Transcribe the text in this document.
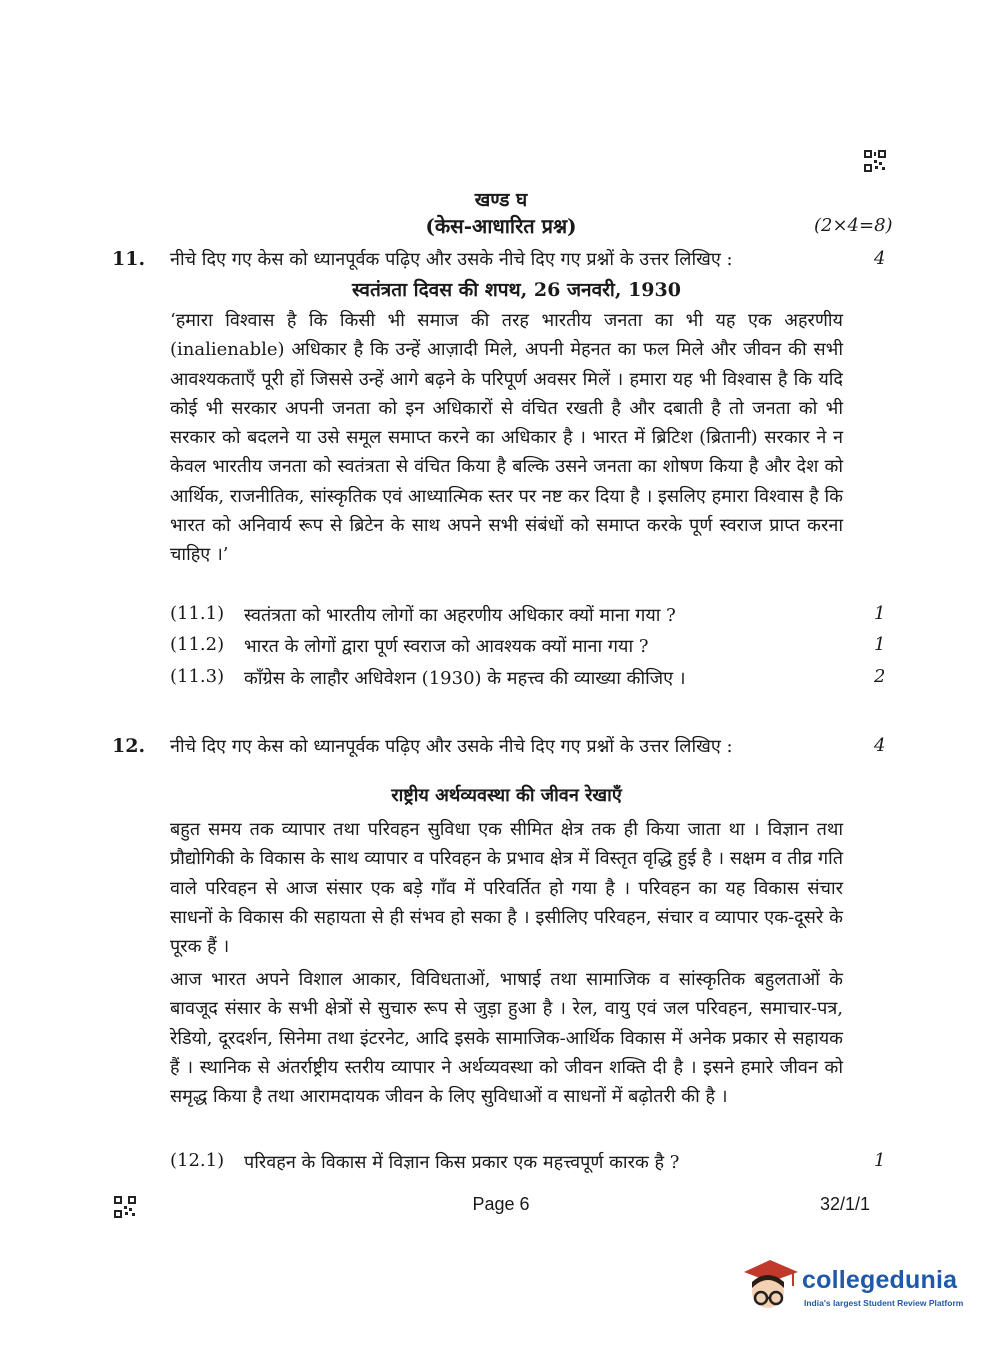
खण्ड घ
(केस-आधारित प्रश्न)	(2×4=8)
11. नीचे दिए गए केस को ध्यानपूर्वक पढ़िए और उसके नीचे दिए गए प्रश्नों के उत्तर लिखिए :	4
स्वतंत्रता दिवस की शपथ, 26 जनवरी, 1930
‘हमारा विश्वास है कि किसी भी समाज की तरह भारतीय जनता का भी यह एक अहरणीय (inalienable) अधिकार है कि उन्हें आज़ादी मिले, अपनी मेहनत का फल मिले और जीवन की सभी आवश्यकताएँ पूरी हों जिससे उन्हें आगे बढ़ने के परिपूर्ण अवसर मिलें । हमारा यह भी विश्वास है कि यदि कोई भी सरकार अपनी जनता को इन अधिकारों से वंचित रखती है और दबाती है तो जनता को भी सरकार को बदलने या उसे समूल समाप्त करने का अधिकार है । भारत में ब्रिटिश (ब्रितानी) सरकार ने न केवल भारतीय जनता को स्वतंत्रता से वंचित किया है बल्कि उसने जनता का शोषण किया है और देश को आर्थिक, राजनीतिक, सांस्कृतिक एवं आध्यात्मिक स्तर पर नष्ट कर दिया है । इसलिए हमारा विश्वास है कि भारत को अनिवार्य रूप से ब्रिटेन के साथ अपने सभी संबंधों को समाप्त करके पूर्ण स्वराज प्राप्त करना चाहिए ।’
(11.1) स्वतंत्रता को भारतीय लोगों का अहरणीय अधिकार क्यों माना गया ?	1
(11.2) भारत के लोगों द्वारा पूर्ण स्वराज को आवश्यक क्यों माना गया ?	1
(11.3) काँग्रेस के लाहौर अधिवेशन (1930) के महत्त्व की व्याख्या कीजिए ।	2
12. नीचे दिए गए केस को ध्यानपूर्वक पढ़िए और उसके नीचे दिए गए प्रश्नों के उत्तर लिखिए :	4
राष्ट्रीय अर्थव्यवस्था की जीवन रेखाएँ
बहुत समय तक व्यापार तथा परिवहन सुविधा एक सीमित क्षेत्र तक ही किया जाता था । विज्ञान तथा प्रौद्योगिकी के विकास के साथ व्यापार व परिवहन के प्रभाव क्षेत्र में विस्तृत वृद्धि हुई है । सक्षम व तीव्र गति वाले परिवहन से आज संसार एक बड़े गाँव में परिवर्तित हो गया है । परिवहन का यह विकास संचार साधनों के विकास की सहायता से ही संभव हो सका है । इसीलिए परिवहन, संचार व व्यापार एक-दूसरे के पूरक हैं ।
आज भारत अपने विशाल आकार, विविधताओं, भाषाई तथा सामाजिक व सांस्कृतिक बहुलताओं के बावजूद संसार के सभी क्षेत्रों से सुचारु रूप से जुड़ा हुआ है । रेल, वायु एवं जल परिवहन, समाचार-पत्र, रेडियो, दूरदर्शन, सिनेमा तथा इंटरनेट, आदि इसके सामाजिक-आर्थिक विकास में अनेक प्रकार से सहायक हैं । स्थानिक से अंतर्राष्ट्रीय स्तरीय व्यापार ने अर्थव्यवस्था को जीवन शक्ति दी है । इसने हमारे जीवन को समृद्ध किया है तथा आरामदायक जीवन के लिए सुविधाओं व साधनों में बढ़ोतरी की है ।
(12.1) परिवहन के विकास में विज्ञान किस प्रकार एक महत्त्वपूर्ण कारक है ?	1
Page 6	32/1/1
collegedunia
India's largest Student Review Platform
